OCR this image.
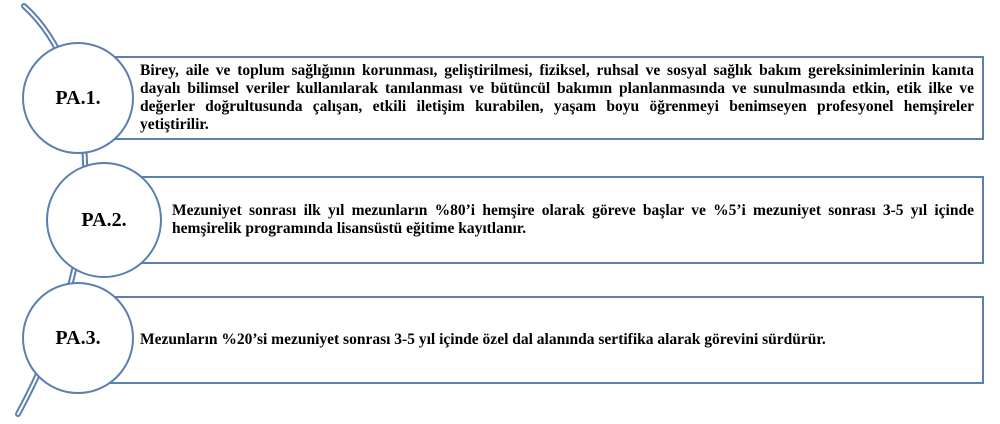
Birey, aile ve toplum sağlığının korunması, geliştirilmesi, fiziksel, ruhsal ve sosyal sağlık bakım gereksinimlerinin kanıta dayalı bilimsel veriler kullanılarak tanılanması ve bütüncül bakımın planlanmasında ve sunulmasında etkin, etik ilke ve değerler doğrultusunda çalışan, etkili iletişim kurabilen, yaşam boyu öğrenmeyi benimseyen profesyonel hemşireler yetiştirilir.
PA.1.
Mezuniyet sonrası ilk yıl mezunların %80’i hemşire olarak göreve başlar ve %5’i mezuniyet sonrası 3-5 yıl içinde hemşirelik programında lisansüstü eğitime kayıtlanır.
PA.2.
Mezunların %20’si mezuniyet sonrası 3-5 yıl içinde özel dal alanında sertifika alarak görevini sürdürür.
PA.3.
